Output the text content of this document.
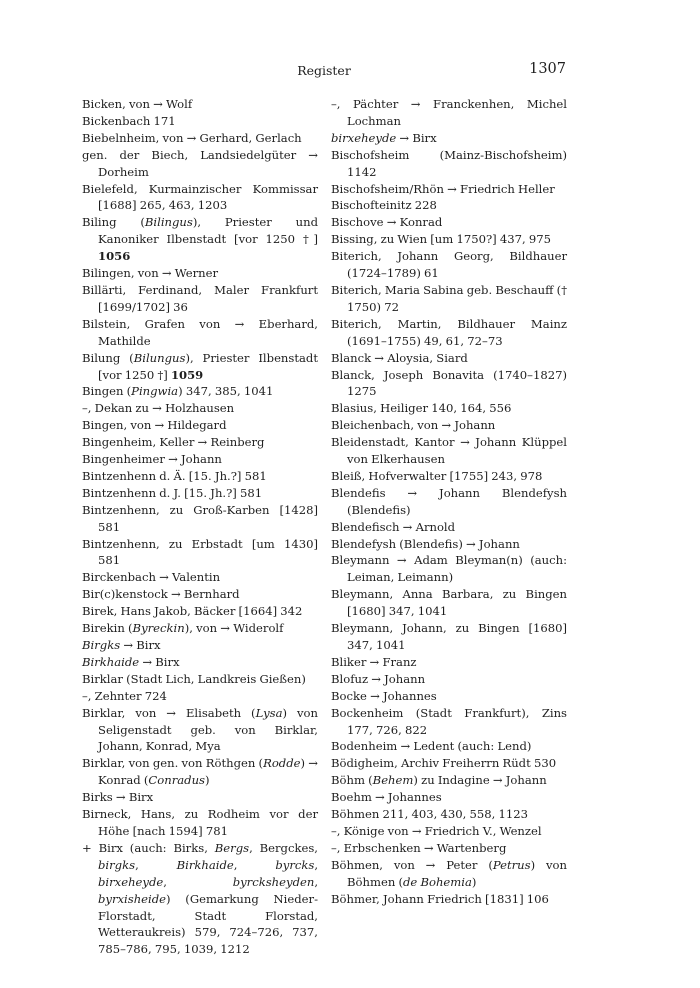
Register	1307
Bicken, von → Wolf
Bickenbach 171
Biebelnheim, von → Gerhard, Gerlach
gen. der Biech, Landsiedelgüter → Dorheim
Bielefeld, Kurmainzischer Kommissar [1688] 265, 463, 1203
Biling (Bilingus), Priester und Kanoniker Ilbenstadt [vor 1250 †] 1056
Bilingen, von → Werner
Billärti, Ferdinand, Maler Frankfurt [1699/1702] 36
Bilstein, Grafen von → Eberhard, Mathilde
Bilung (Bilungus), Priester Ilbenstadt [vor 1250 †] 1059
Bingen (Pingwia) 347, 385, 1041
–, Dekan zu → Holzhausen
Bingen, von → Hildegard
Bingenheim, Keller → Reinberg
Bingenheimer → Johann
Bintzenhenn d. Ä. [15. Jh.?] 581
Bintzenhenn d. J. [15. Jh.?] 581
Bintzenhenn, zu Groß-Karben [1428] 581
Bintzenhenn, zu Erbstadt [um 1430] 581
Birckenbach → Valentin
Bir(c)kenstock → Bernhard
Birek, Hans Jakob, Bäcker [1664] 342
Birekin (Byreckin), von → Widerolf
Birgks → Birx
Birkhaide → Birx
Birklar (Stadt Lich, Landkreis Gießen)
–, Zehnter 724
Birklar, von → Elisabeth (Lysa) von Seligenstadt geb. von Birklar, Johann, Konrad, Mya
Birklar, von gen. von Röthgen (Rodde) → Konrad (Conradus)
Birks → Birx
Birneck, Hans, zu Rodheim vor der Höhe [nach 1594] 781
+ Birx (auch: Birks, Bergs, Bergckes, birgks, Birkhaide, byrcks, birxeheyde, byrcksheyden, byrxisheide) (Gemarkung Nieder-Florstadt, Stadt Florstad, Wetteraukreis) 579, 724–726, 737, 785–786, 795, 1039, 1212
–, Pächter → Franckenhen, Michel Lochman
birxeheyde → Birx
Bischofsheim (Mainz-Bischofsheim) 1142
Bischofsheim/Rhön → Friedrich Heller
Bischofteinitz 228
Bischove → Konrad
Bissing, zu Wien [um 1750?] 437, 975
Biterich, Johann Georg, Bildhauer (1724–1789) 61
Biterich, Maria Sabina geb. Beschauff († 1750) 72
Biterich, Martin, Bildhauer Mainz (1691–1755) 49, 61, 72–73
Blanck → Aloysia, Siard
Blanck, Joseph Bonavita (1740–1827) 1275
Blasius, Heiliger 140, 164, 556
Bleichenbach, von → Johann
Bleidenstadt, Kantor → Johann Klüppel von Elkerhausen
Bleiß, Hofverwalter [1755] 243, 978
Blendefis → Johann Blendefysh (Blendefis)
Blendefisch → Arnold
Blendefysh (Blendefis) → Johann
Bleymann → Adam Bleyman(n) (auch: Leiman, Leimann)
Bleymann, Anna Barbara, zu Bingen [1680] 347, 1041
Bleymann, Johann, zu Bingen [1680] 347, 1041
Bliker → Franz
Blofuz → Johann
Bocke → Johannes
Bockenheim (Stadt Frankfurt), Zins 177, 726, 822
Bodenheim → Ledent (auch: Lend)
Bödigheim, Archiv Freiherrn Rüdt 530
Böhm (Behem) zu Indagine → Johann
Boehm → Johannes
Böhmen 211, 403, 430, 558, 1123
–, Könige von → Friedrich V., Wenzel
–, Erbschenken → Wartenberg
Böhmen, von → Peter (Petrus) von Böhmen (de Bohemia)
Böhmer, Johann Friedrich [1831] 106
